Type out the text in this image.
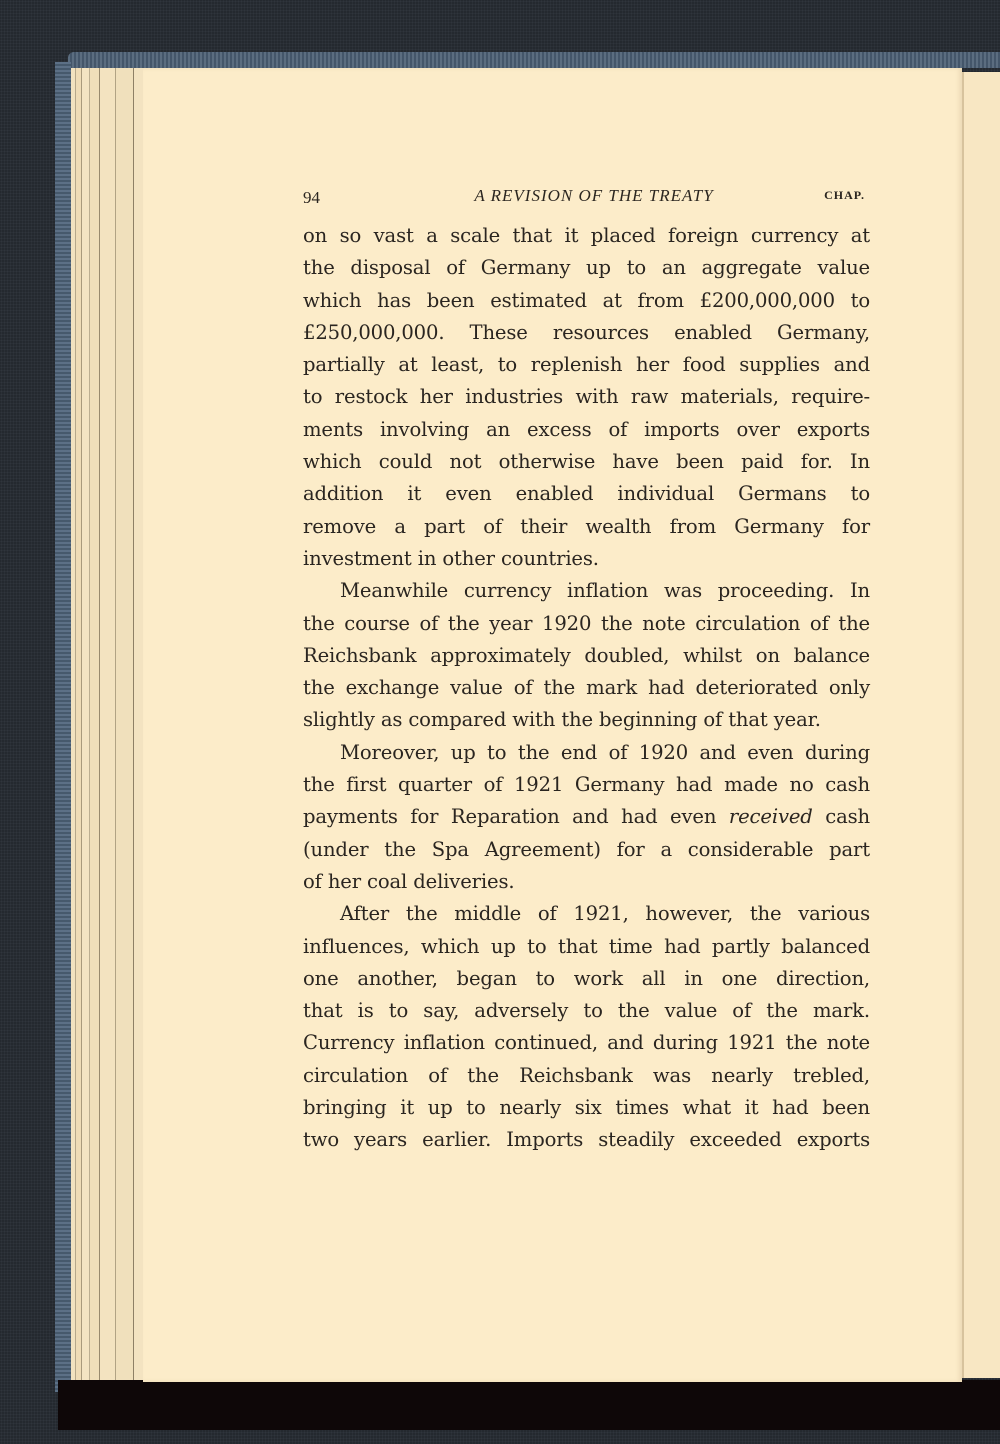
94	A REVISION OF THE TREATY	CHAP.
on so vast a scale that it placed foreign currency at
the disposal of Germany up to an aggregate value
which has been estimated at from £200,000,000 to
£250,000,000. These resources enabled Germany,
partially at least, to replenish her food supplies and
to restock her industries with raw materials, require-
ments involving an excess of imports over exports
which could not otherwise have been paid for. In
addition it even enabled individual Germans to
remove a part of their wealth from Germany for
investment in other countries.
Meanwhile currency inflation was proceeding. In
the course of the year 1920 the note circulation of the
Reichsbank approximately doubled, whilst on balance
the exchange value of the mark had deteriorated only
slightly as compared with the beginning of that year.
Moreover, up to the end of 1920 and even during
the first quarter of 1921 Germany had made no cash
payments for Reparation and had even received cash
(under the Spa Agreement) for a considerable part
of her coal deliveries.
After the middle of 1921, however, the various
influences, which up to that time had partly balanced
one another, began to work all in one direction,
that is to say, adversely to the value of the mark.
Currency inflation continued, and during 1921 the note
circulation of the Reichsbank was nearly trebled,
bringing it up to nearly six times what it had been
two years earlier. Imports steadily exceeded exports
